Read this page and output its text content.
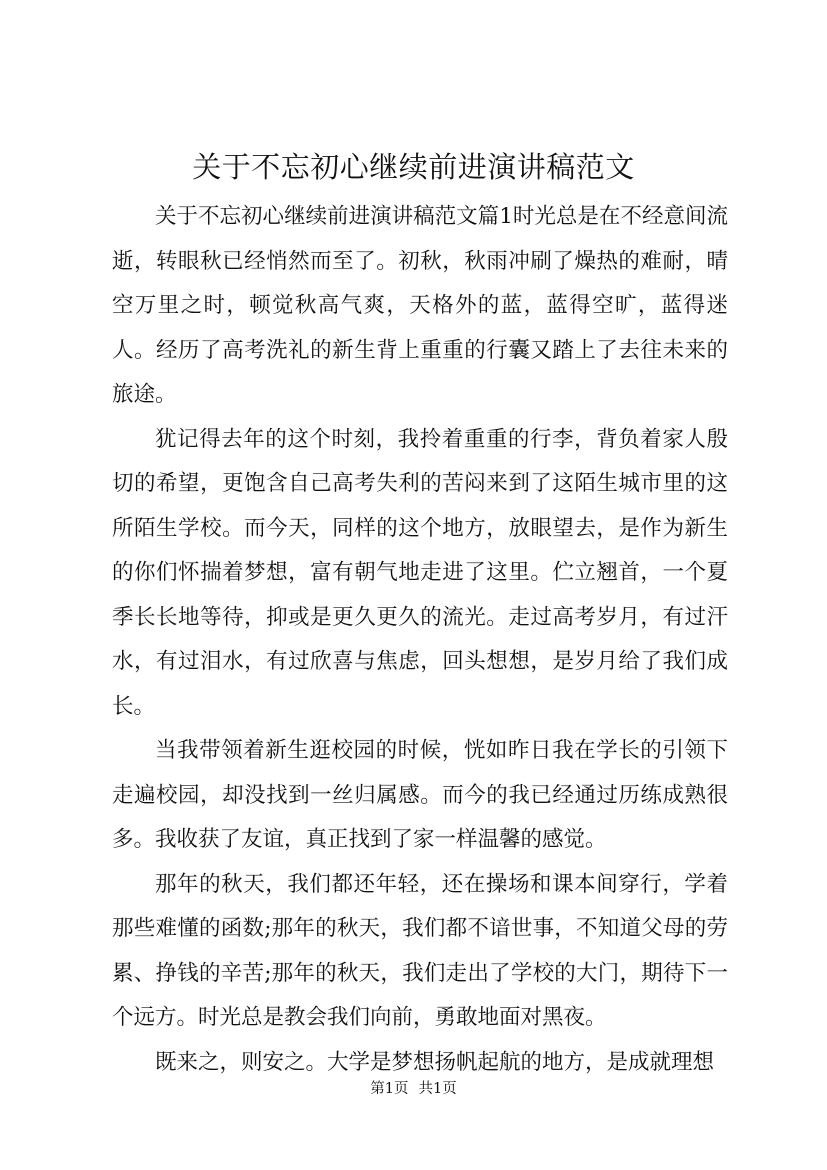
关于不忘初心继续前进演讲稿范文

关于不忘初心继续前进演讲稿范文篇1时光总是在不经意间流逝，转眼秋已经悄然而至了。初秋，秋雨冲刷了燥热的难耐，晴空万里之时，顿觉秋高气爽，天格外的蓝，蓝得空旷，蓝得迷人。经历了高考洗礼的新生背上重重的行囊又踏上了去往未来的旅途。

犹记得去年的这个时刻，我拎着重重的行李，背负着家人殷切的希望，更饱含自己高考失利的苦闷来到了这陌生城市里的这所陌生学校。而今天，同样的这个地方，放眼望去，是作为新生的你们怀揣着梦想，富有朝气地走进了这里。伫立翘首，一个夏季长长地等待，抑或是更久更久的流光。走过高考岁月，有过汗水，有过泪水，有过欣喜与焦虑，回头想想，是岁月给了我们成长。

当我带领着新生逛校园的时候，恍如昨日我在学长的引领下走遍校园，却没找到一丝归属感。而今的我已经通过历练成熟很多。我收获了友谊，真正找到了家一样温馨的感觉。

那年的秋天，我们都还年轻，还在操场和课本间穿行，学着那些难懂的函数;那年的秋天，我们都不谙世事，不知道父母的劳累、挣钱的辛苦;那年的秋天，我们走出了学校的大门，期待下一个远方。时光总是教会我们向前，勇敢地面对黑夜。

既来之，则安之。大学是梦想扬帆起航的地方，是成就理想

第1页 共1页
